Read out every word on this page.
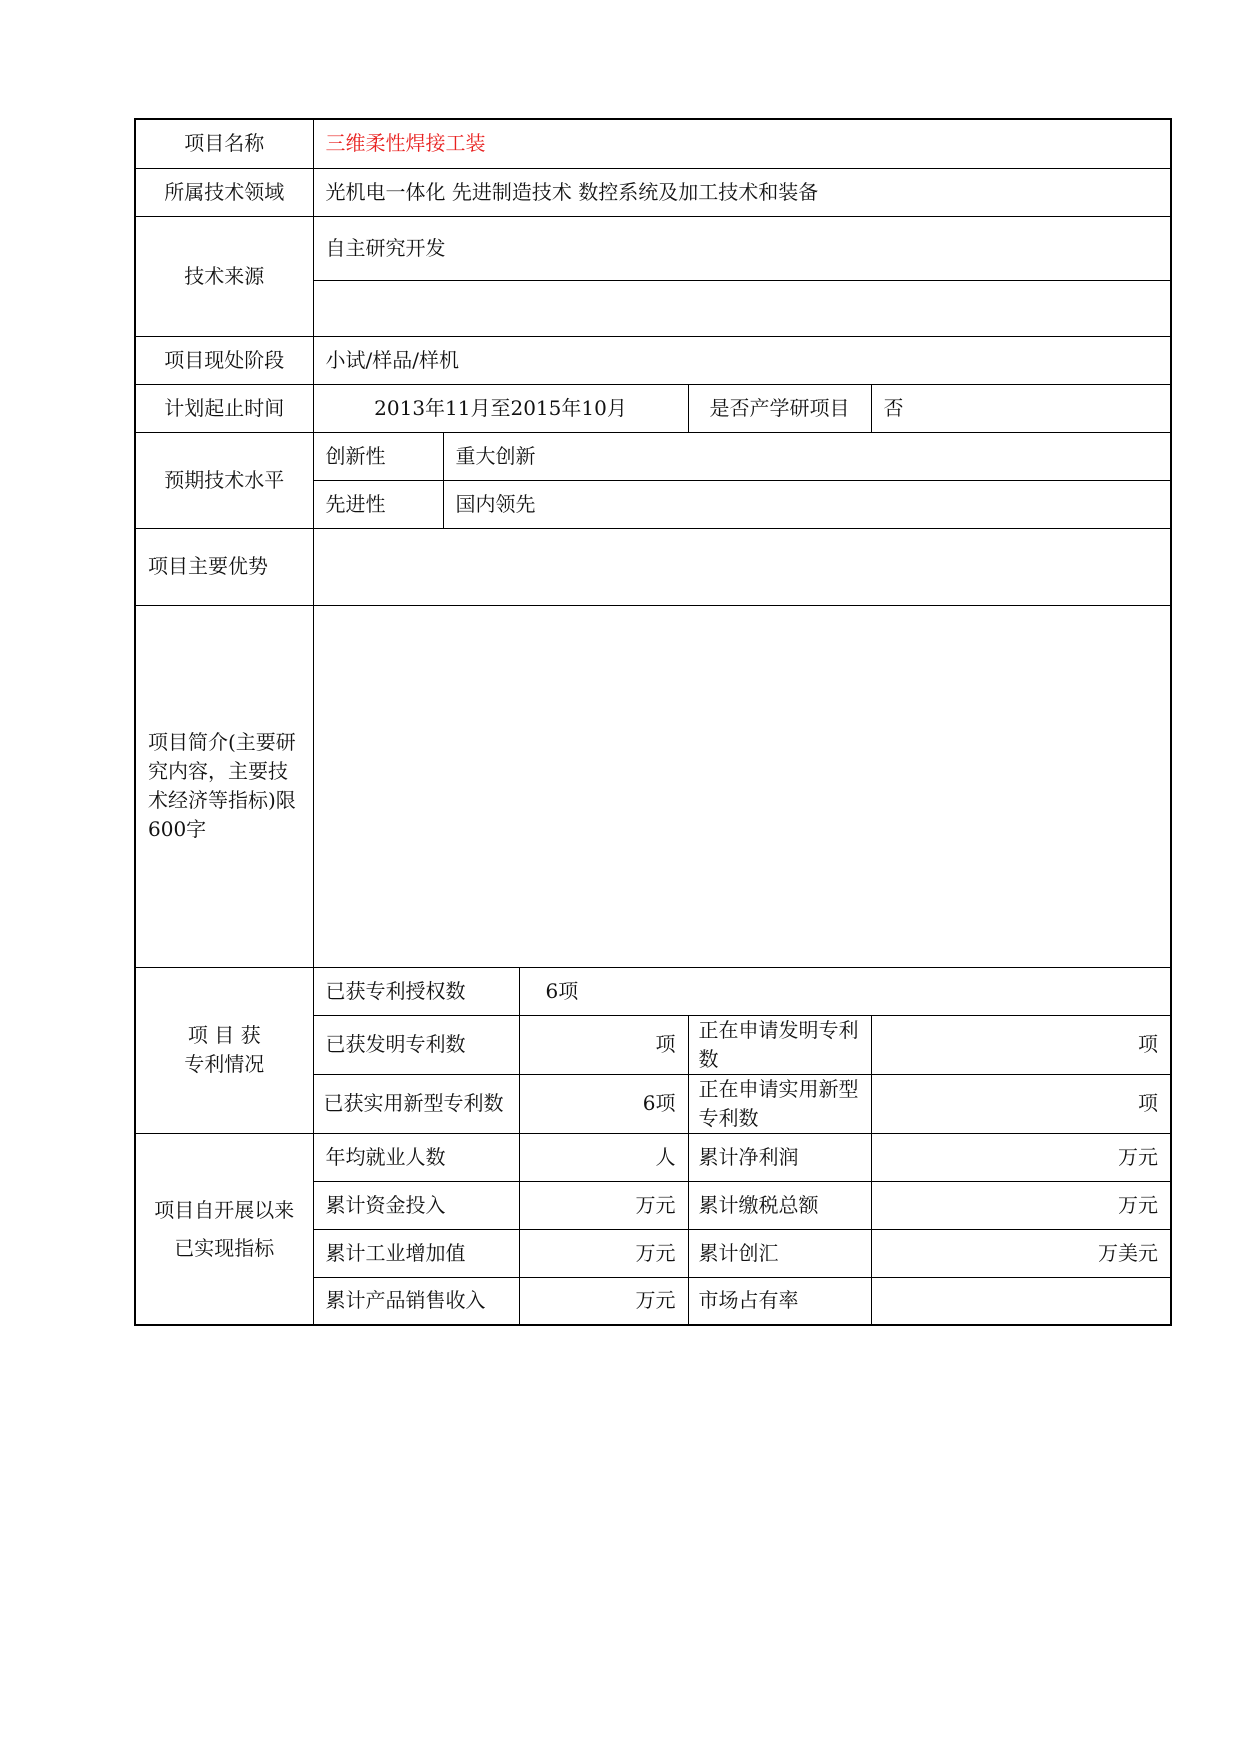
项目名称	三维柔性焊接工装				
所属技术领域	光机电一体化 先进制造技术 数控系统及加工技术和装备				
技术来源	自主研究开发				

项目现处阶段	小试/样品/样机				
计划起止时间	2013年11月至2015年10月			是否产学研项目	否
预期技术水平	创新性	重大创新			
	先进性	国内领先			
项目主要优势					
项目简介(主要研究内容，主要技术经济等指标)限600字					
项 目 获
专利情况	已获专利授权数		6项		
	已获发明专利数		项	正在申请发明专利数	项
	已获实用新型专利数		6项	正在申请实用新型专利数	项
项目自开展以来已实现指标	年均就业人数		人	累计净利润	万元
	累计资金投入		万元	累计缴税总额	万元
	累计工业增加值		万元	累计创汇	万美元
	累计产品销售收入		万元	市场占有率	
